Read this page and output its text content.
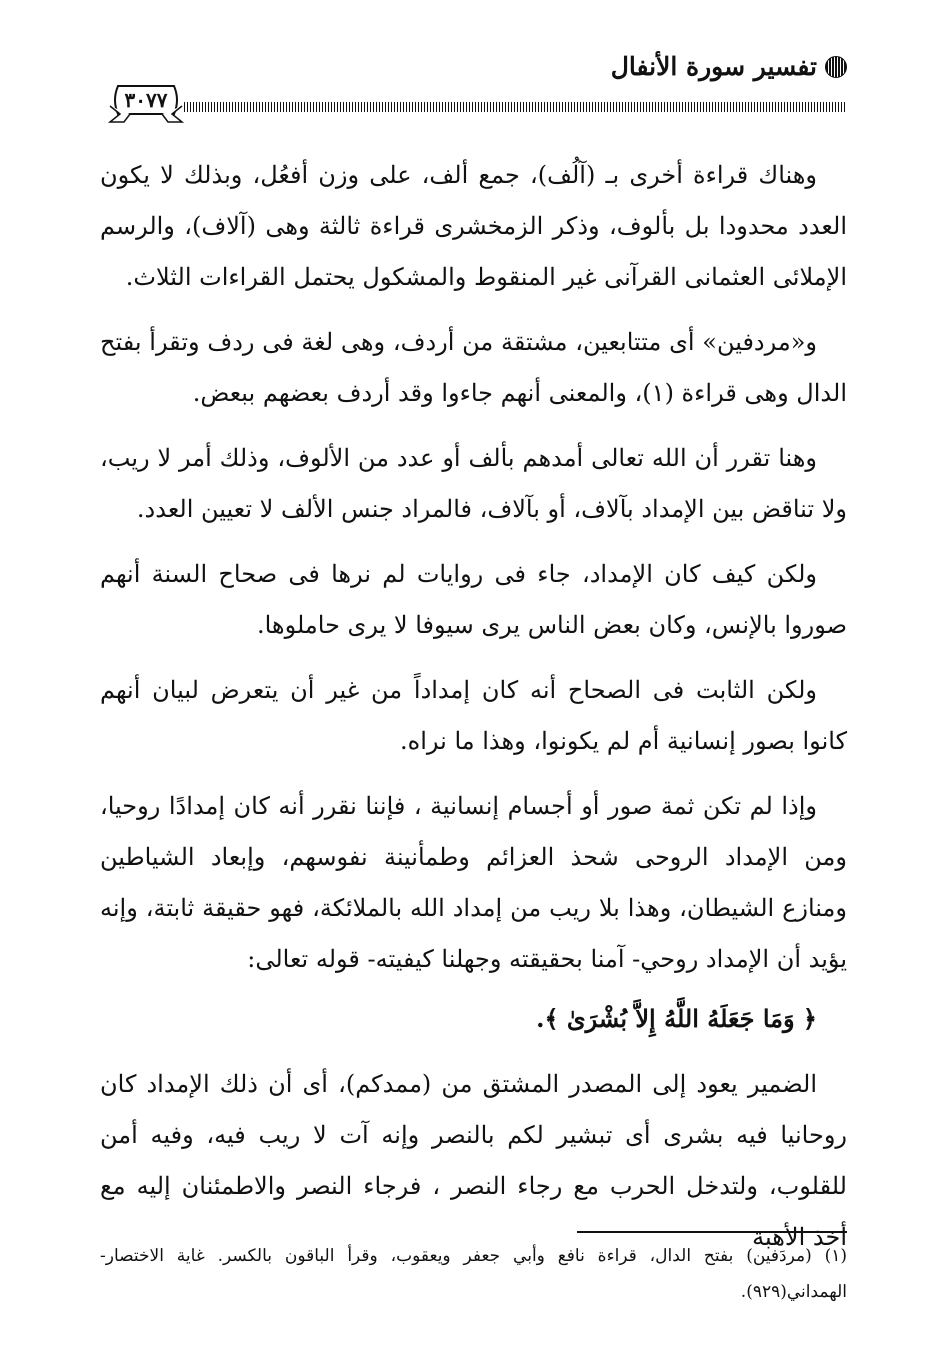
تفسير سورة الأنفال
٣٠٧٧

وهناك قراءة أخرى بـ (آلُف)، جمع ألف، على وزن أفعُل، وبذلك لا يكون العدد محدودا بل بألوف، وذكر الزمخشرى قراءة ثالثة وهى (آلاف)، والرسم الإملائى العثمانى القرآنى غير المنقوط والمشكول يحتمل القراءات الثلاث.

و«مردفين» أى متتابعين، مشتقة من أردف، وهى لغة فى ردف وتقرأ بفتح الدال وهى قراءة (١)، والمعنى أنهم جاءوا وقد أردف بعضهم ببعض.

وهنا تقرر أن الله تعالى أمدهم بألف أو عدد من الألوف، وذلك أمر لا ريب، ولا تناقض بين الإمداد بآلاف، أو بآلاف، فالمراد جنس الألف لا تعيين العدد.

ولكن كيف كان الإمداد، جاء فى روايات لم نرها فى صحاح السنة أنهم صوروا بالإنس، وكان بعض الناس يرى سيوفا لا يرى حاملوها.

ولكن الثابت فى الصحاح أنه كان إمداداً من غير أن يتعرض لبيان أنهم كانوا بصور إنسانية أم لم يكونوا، وهذا ما نراه.

وإذا لم تكن ثمة صور أو أجسام إنسانية ، فإننا نقرر أنه كان إمدادًا روحيا، ومن الإمداد الروحى شحذ العزائم وطمأنينة نفوسهم، وإبعاد الشياطين ومنازع الشيطان، وهذا بلا ريب من إمداد الله بالملائكة، فهو حقيقة ثابتة، وإنه يؤيد أن الإمداد روحي- آمنا بحقيقته وجهلنا كيفيته- قوله تعالى:

﴿ وَمَا جَعَلَهُ اللَّهُ إِلاَّ بُشْرَىٰ ﴾.

الضمير يعود إلى المصدر المشتق من (ممدكم)، أى أن ذلك الإمداد كان روحانيا فيه بشرى أى تبشير لكم بالنصر وإنه آت لا ريب فيه، وفيه أمن للقلوب، ولتدخل الحرب مع رجاء النصر ، فرجاء النصر والاطمئنان إليه مع أخذ الأهبة

(١) (مردَفين) بفتح الدال، قراءة نافع وأبي جعفر ويعقوب، وقرأ الباقون بالكسر. غاية الاختصار- الهمداني(٩٢٩).
